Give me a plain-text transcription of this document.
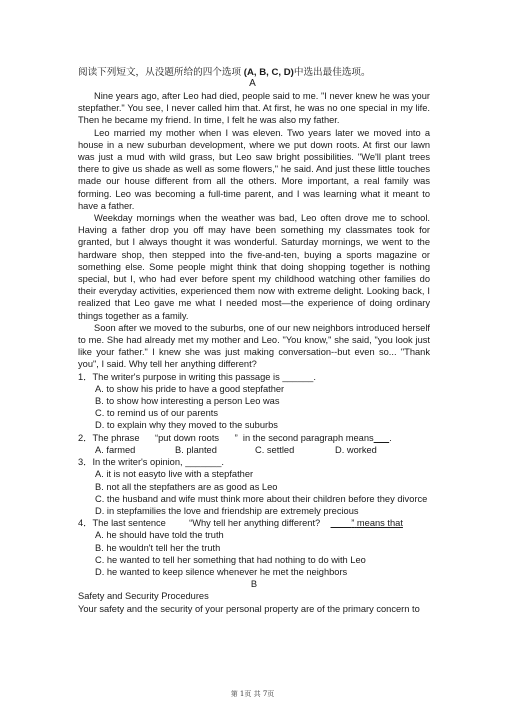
阅读下列短文，从没题所给的四个选项 (A, B, C, D)中选出最佳选项。
A

Nine years ago, after Leo had died, people said to me. "I never knew he was your stepfather." You see, I never called him that. At first, he was no one special in my life. Then he became my friend. In time, I felt he was also my father.

Leo married my mother when I was eleven. Two years later we moved into a house in a new suburban development, where we put down roots. At first our lawn was just a mud with wild grass, but Leo saw bright possibilities. "We'll plant trees there to give us shade as well as some flowers," he said. And just these little touches made our house different from all the others. More important, a real family was forming. Leo was becoming a full-time parent, and I was learning what it meant to have a father.

Weekday mornings when the weather was bad, Leo often drove me to school. Having a father drop you off may have been something my classmates took for granted, but I always thought it was wonderful. Saturday mornings, we went to the hardware shop, then stepped into the five-and-ten, buying a sports magazine or something else. Some people might think that doing shopping together is nothing special, but I, who had ever before spent my childhood watching other families do their everyday activities, experienced them now with extreme delight. Looking back, I realized that Leo gave me what I needed most—the experience of doing ordinary things together as a family.

Soon after we moved to the suburbs, one of our new neighbors introduced herself to me. She had already met my mother and Leo. "You know," she said, "you look just like your father." I knew she was just making conversation--but even so... "Thank you", I said. Why tell her anything different?

1．The writer's purpose in writing this passage is ______.
A. to show his pride to have a good stepfather
B. to show how interesting a person Leo was
C. to remind us of our parents
D. to explain why they moved to the suburbs
2．The phrase “put down roots ” in the second paragraph means .
A. farmed	B. planted	C. settled	D. worked
3．In the writer's opinion, _______.
A. it is not easyto live with a stepfather
B. not all the stepfathers are as good as Leo
C. the husband and wife must think more about their children before they divorce
D. in stepfamilies the love and friendship are extremely precious
4．The last sentence	“Why tell her anything different?	” means that
A. he should have told the truth
B. he wouldn't tell her the truth
C. he wanted to tell her something that had nothing to do with Leo
D. he wanted to keep silence whenever he met the neighbors
B
Safety and Security Procedures
Your safety and the security of your personal property are of the primary concern to
第 1页 共 7页
